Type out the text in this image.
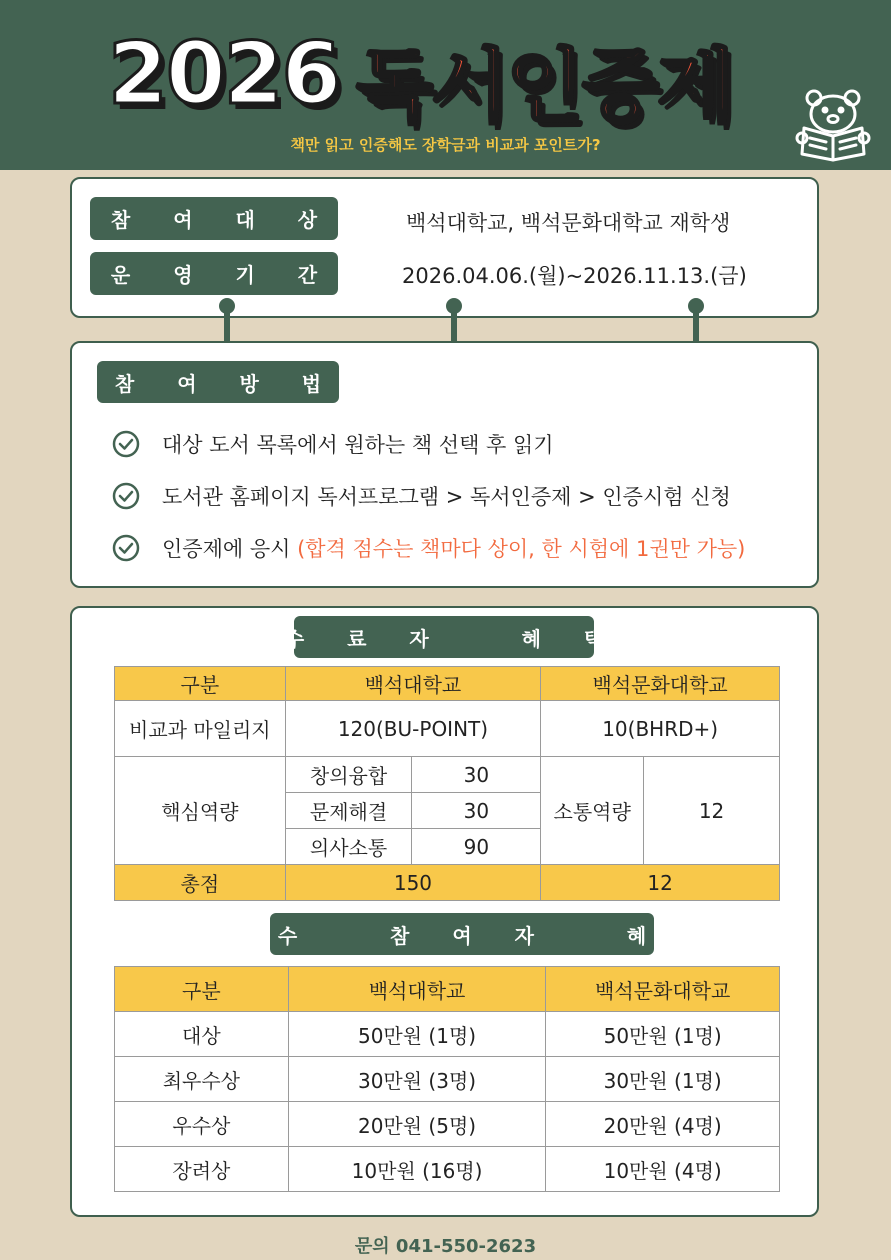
2026 독서인증제
책만 읽고 인증해도 장학금과 비교과 포인트가?
참 여 대 상	백석대학교, 백석문화대학교 재학생
운 영 기 간	2026.04.06.(월)~2026.11.13.(금)
참 여 방 법
대상 도서 목록에서 원하는 책 선택 후 읽기
도서관 홈페이지 독서프로그램 > 독서인증제 > 인증시험 신청
인증제에 응시 (합격 점수는 책마다 상이, 한 시험에 1권만 가능)
수 료 자   혜 택
구분	백석대학교		백석문화대학교	
비교과 마일리지	120(BU-POINT)		10(BHRD+)	
핵심역량	창의융합	30	소통역량	12
	문제해결	30		
	의사소통	90		
총점	150		12	
우 수   참 여 자   혜 택
구분	백석대학교	백석문화대학교
대상	50만원 (1명)	50만원 (1명)
최우수상	30만원 (3명)	30만원 (1명)
우수상	20만원 (5명)	20만원 (4명)
장려상	10만원 (16명)	10만원 (4명)
문의 041-550-2623
